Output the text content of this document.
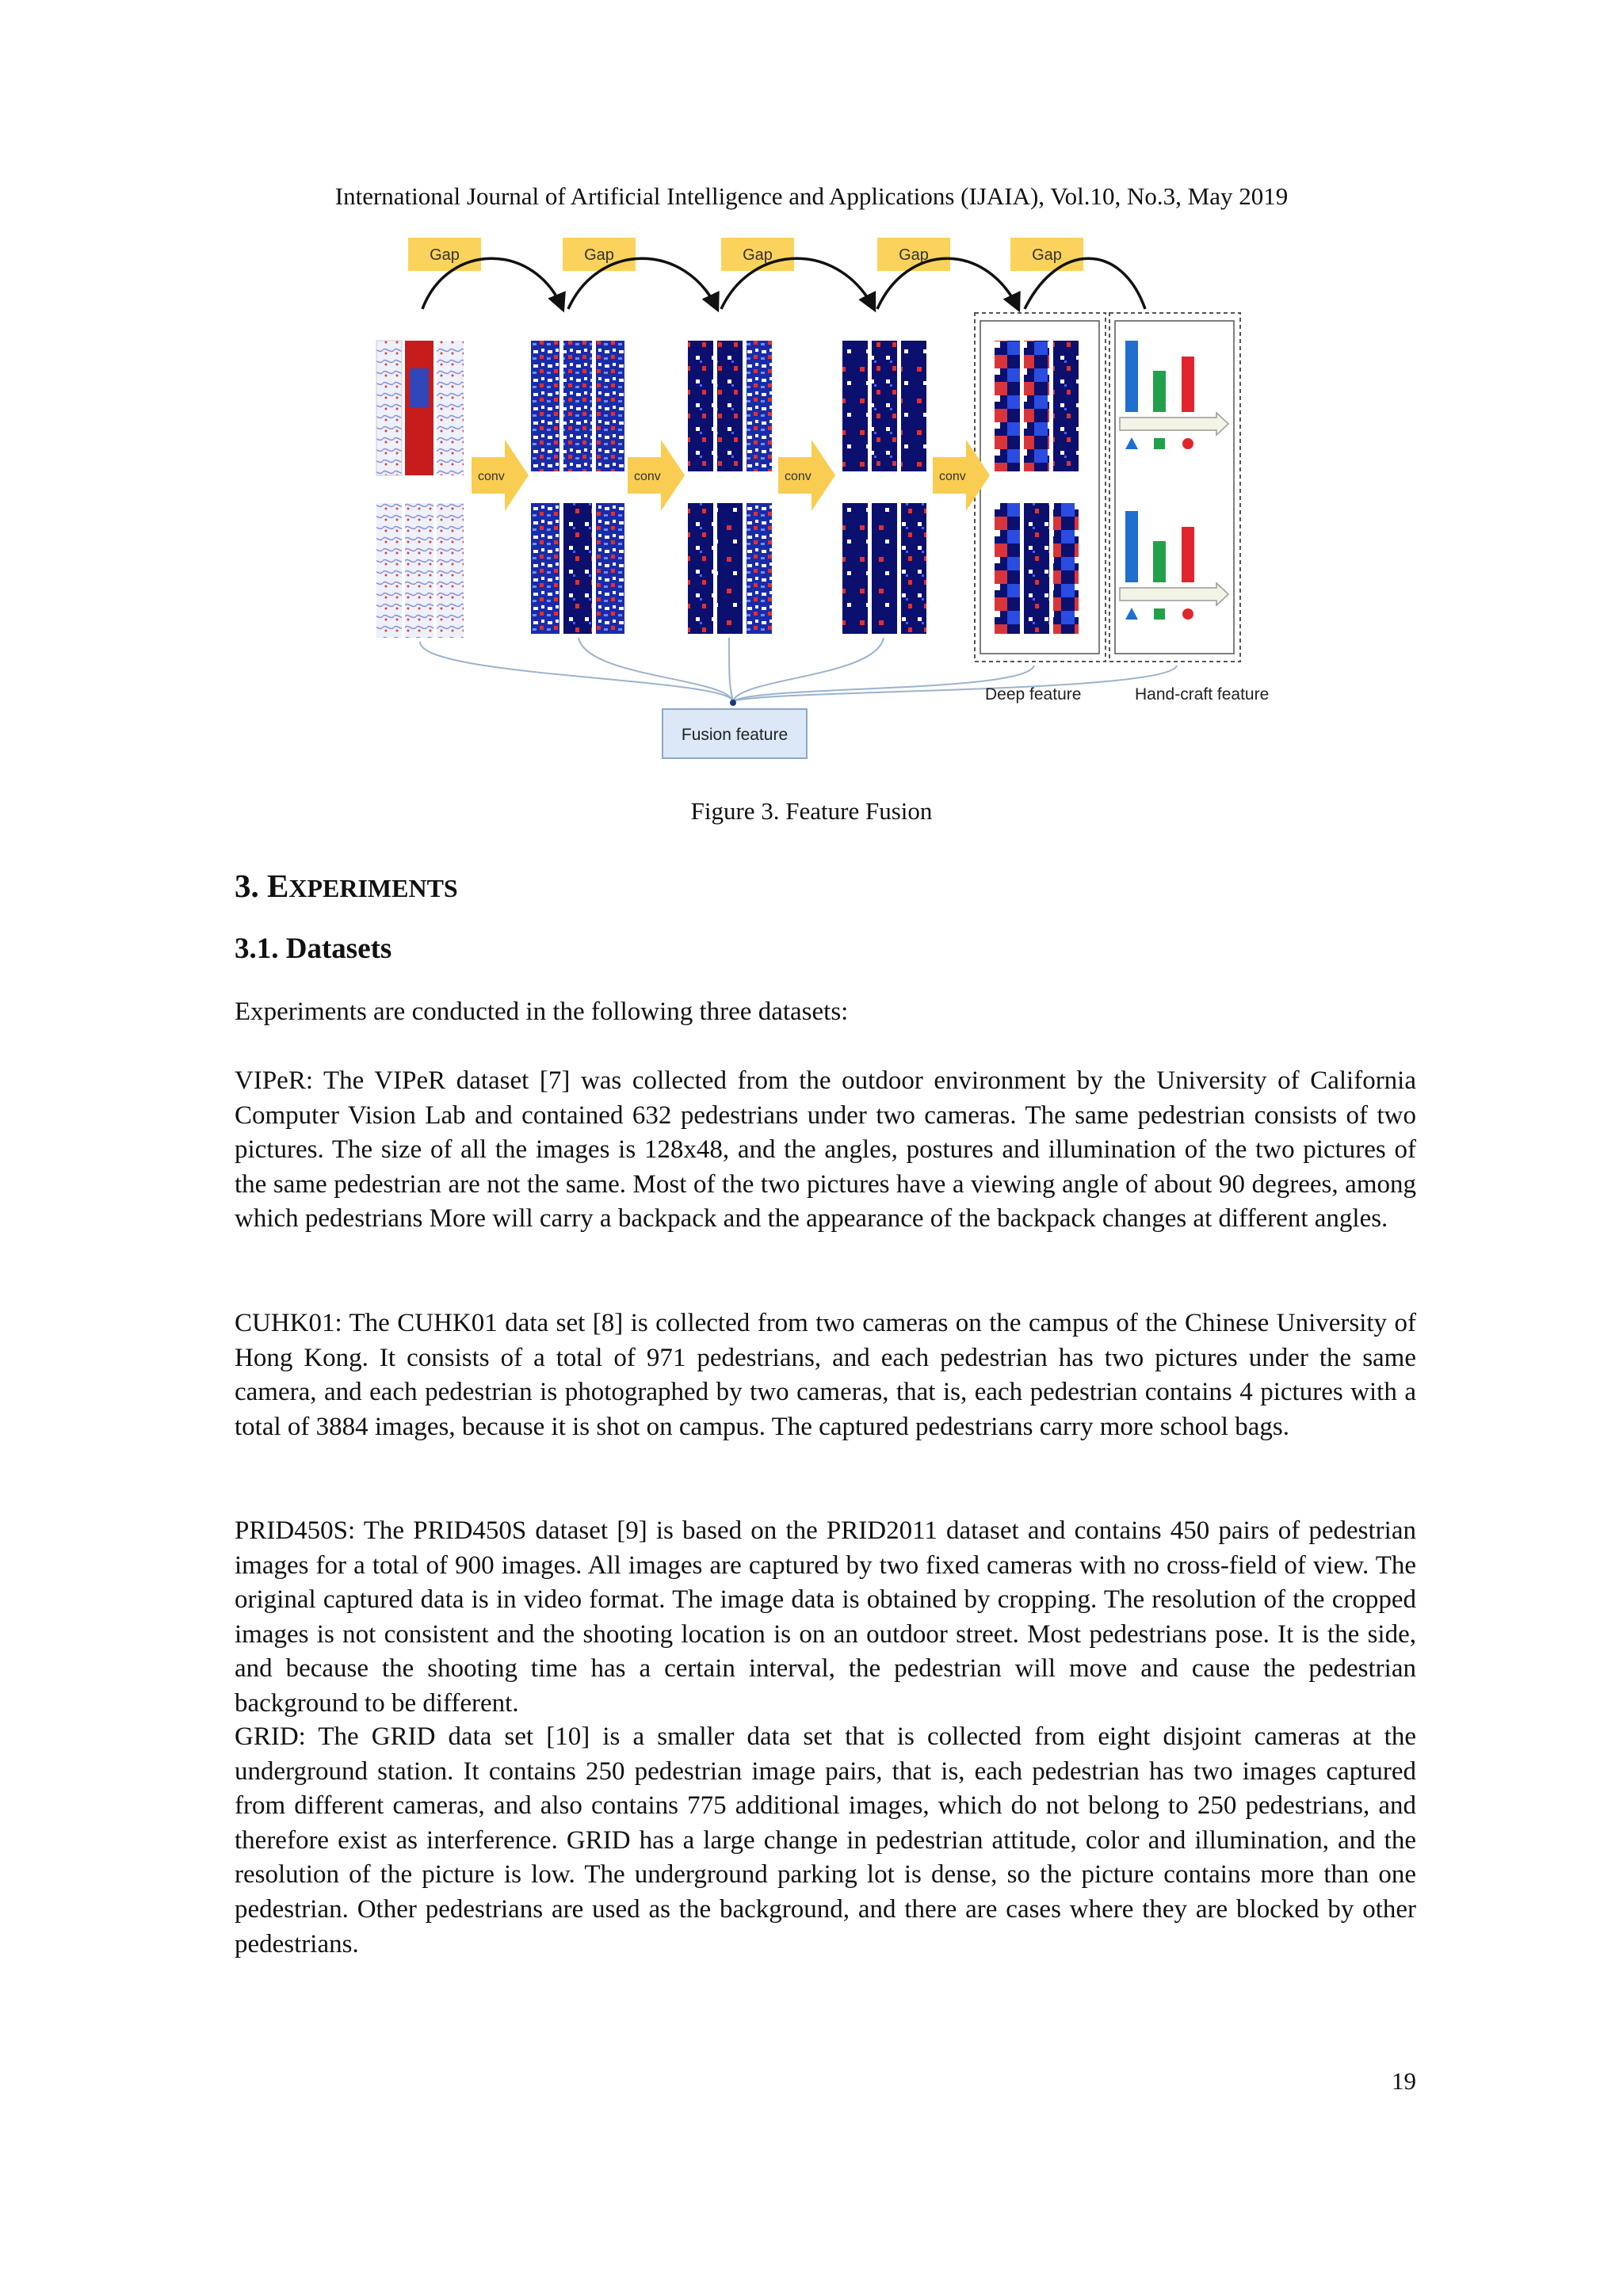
International Journal of Artificial Intelligence and Applications (IJAIA), Vol.10, No.3, May 2019
Gap	Gap	Gap	Gap	Gap
conv	conv	conv	conv
Deep feature	Hand-craft feature
Fusion feature
Figure 3. Feature Fusion
3. EXPERIMENTS
3.1. Datasets

Experiments are conducted in the following three datasets:

VIPeR: The VIPeR dataset [7] was collected from the outdoor environment by the University of California Computer Vision Lab and contained 632 pedestrians under two cameras. The same pedestrian consists of two pictures. The size of all the images is 128x48, and the angles, postures and illumination of the two pictures of the same pedestrian are not the same. Most of the two pictures have a viewing angle of about 90 degrees, among which pedestrians More will carry a backpack and the appearance of the backpack changes at different angles.

CUHK01: The CUHK01 data set [8] is collected from two cameras on the campus of the Chinese University of Hong Kong. It consists of a total of 971 pedestrians, and each pedestrian has two pictures under the same camera, and each pedestrian is photographed by two cameras, that is, each pedestrian contains 4 pictures with a total of 3884 images, because it is shot on campus. The captured pedestrians carry more school bags.

PRID450S: The PRID450S dataset [9] is based on the PRID2011 dataset and contains 450 pairs of pedestrian images for a total of 900 images. All images are captured by two fixed cameras with no cross-field of view. The original captured data is in video format. The image data is obtained by cropping. The resolution of the cropped images is not consistent and the shooting location is on an outdoor street. Most pedestrians pose. It is the side, and because the shooting time has a certain interval, the pedestrian will move and cause the pedestrian background to be different.

GRID: The GRID data set [10] is a smaller data set that is collected from eight disjoint cameras at the underground station. It contains 250 pedestrian image pairs, that is, each pedestrian has two images captured from different cameras, and also contains 775 additional images, which do not belong to 250 pedestrians, and therefore exist as interference. GRID has a large change in pedestrian attitude, color and illumination, and the resolution of the picture is low. The underground parking lot is dense, so the picture contains more than one pedestrian. Other pedestrians are used as the background, and there are cases where they are blocked by other pedestrians.

19
